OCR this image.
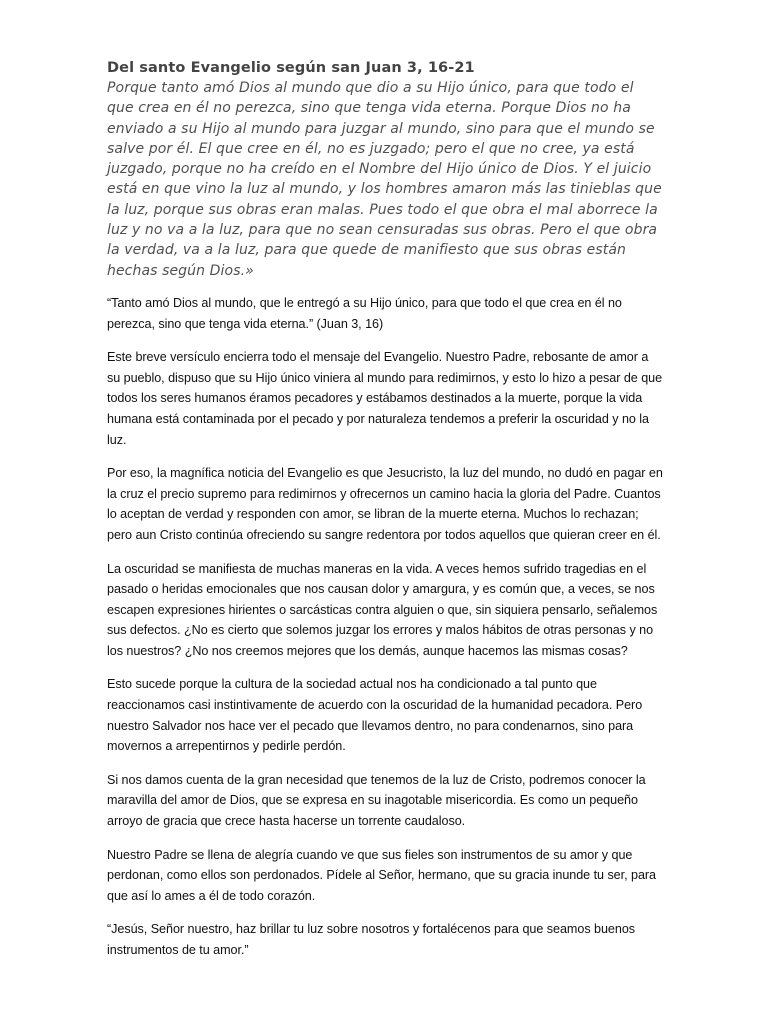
Del santo Evangelio según san Juan 3, 16-21

Porque tanto amó Dios al mundo que dio a su Hijo único, para que todo el que crea en él no perezca, sino que tenga vida eterna. Porque Dios no ha enviado a su Hijo al mundo para juzgar al mundo, sino para que el mundo se salve por él. El que cree en él, no es juzgado; pero el que no cree, ya está juzgado, porque no ha creído en el Nombre del Hijo único de Dios. Y el juicio está en que vino la luz al mundo, y los hombres amaron más las tinieblas que la luz, porque sus obras eran malas. Pues todo el que obra el mal aborrece la luz y no va a la luz, para que no sean censuradas sus obras. Pero el que obra la verdad, va a la luz, para que quede de manifiesto que sus obras están hechas según Dios.»

“Tanto amó Dios al mundo, que le entregó a su Hijo único, para que todo el que crea en él no perezca, sino que tenga vida eterna.” (Juan 3, 16)

Este breve versículo encierra todo el mensaje del Evangelio. Nuestro Padre, rebosante de amor a su pueblo, dispuso que su Hijo único viniera al mundo para redimirnos, y esto lo hizo a pesar de que todos los seres humanos éramos pecadores y estábamos destinados a la muerte, porque la vida humana está contaminada por el pecado y por naturaleza tendemos a preferir la oscuridad y no la luz.

Por eso, la magnífica noticia del Evangelio es que Jesucristo, la luz del mundo, no dudó en pagar en la cruz el precio supremo para redimirnos y ofrecernos un camino hacia la gloria del Padre. Cuantos lo aceptan de verdad y responden con amor, se libran de la muerte eterna. Muchos lo rechazan; pero aun Cristo continúa ofreciendo su sangre redentora por todos aquellos que quieran creer en él.

La oscuridad se manifiesta de muchas maneras en la vida. A veces hemos sufrido tragedias en el pasado o heridas emocionales que nos causan dolor y amargura, y es común que, a veces, se nos escapen expresiones hirientes o sarcásticas contra alguien o que, sin siquiera pensarlo, señalemos sus defectos. ¿No es cierto que solemos juzgar los errores y malos hábitos de otras personas y no los nuestros? ¿No nos creemos mejores que los demás, aunque hacemos las mismas cosas?

Esto sucede porque la cultura de la sociedad actual nos ha condicionado a tal punto que reaccionamos casi instintivamente de acuerdo con la oscuridad de la humanidad pecadora. Pero nuestro Salvador nos hace ver el pecado que llevamos dentro, no para condenarnos, sino para movernos a arrepentirnos y pedirle perdón.

Si nos damos cuenta de la gran necesidad que tenemos de la luz de Cristo, podremos conocer la maravilla del amor de Dios, que se expresa en su inagotable misericordia. Es como un pequeño arroyo de gracia que crece hasta hacerse un torrente caudaloso.

Nuestro Padre se llena de alegría cuando ve que sus fieles son instrumentos de su amor y que perdonan, como ellos son perdonados. Pídele al Señor, hermano, que su gracia inunde tu ser, para que así lo ames a él de todo corazón.

“Jesús, Señor nuestro, haz brillar tu luz sobre nosotros y fortalécenos para que seamos buenos instrumentos de tu amor.”
